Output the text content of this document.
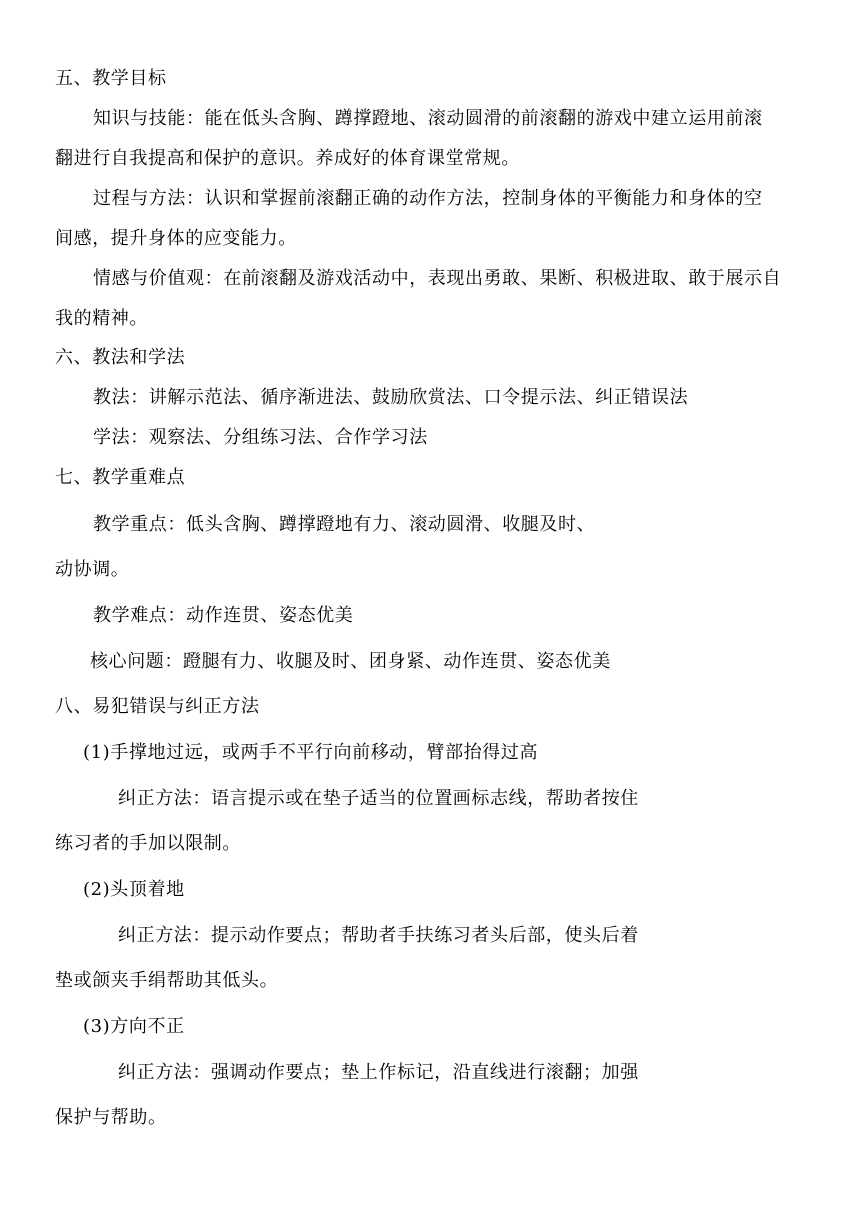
五、教学目标
知识与技能：能在低头含胸、蹲撑蹬地、滚动圆滑的前滚翻的游戏中建立运用前滚
翻进行自我提高和保护的意识。养成好的体育课堂常规。
过程与方法：认识和掌握前滚翻正确的动作方法，控制身体的平衡能力和身体的空
间感，提升身体的应变能力。
情感与价值观：在前滚翻及游戏活动中，表现出勇敢、果断、积极进取、敢于展示自
我的精神。
六、教法和学法
教法：讲解示范法、循序渐进法、鼓励欣赏法、口令提示法、纠正错误法
学法：观察法、分组练习法、合作学习法
七、教学重难点
教学重点：低头含胸、蹲撑蹬地有力、滚动圆滑、收腿及时、
动协调。
教学难点：动作连贯、姿态优美
核心问题：蹬腿有力、收腿及时、团身紧、动作连贯、姿态优美
八、易犯错误与纠正方法
(1)手撑地过远，或两手不平行向前移动，臂部抬得过高
纠正方法：语言提示或在垫子适当的位置画标志线，帮助者按住
练习者的手加以限制。
(2)头顶着地
纠正方法：提示动作要点；帮助者手扶练习者头后部，使头后着
垫或颌夹手绢帮助其低头。
(3)方向不正
纠正方法：强调动作要点；垫上作标记，沿直线进行滚翻；加强
保护与帮助。
